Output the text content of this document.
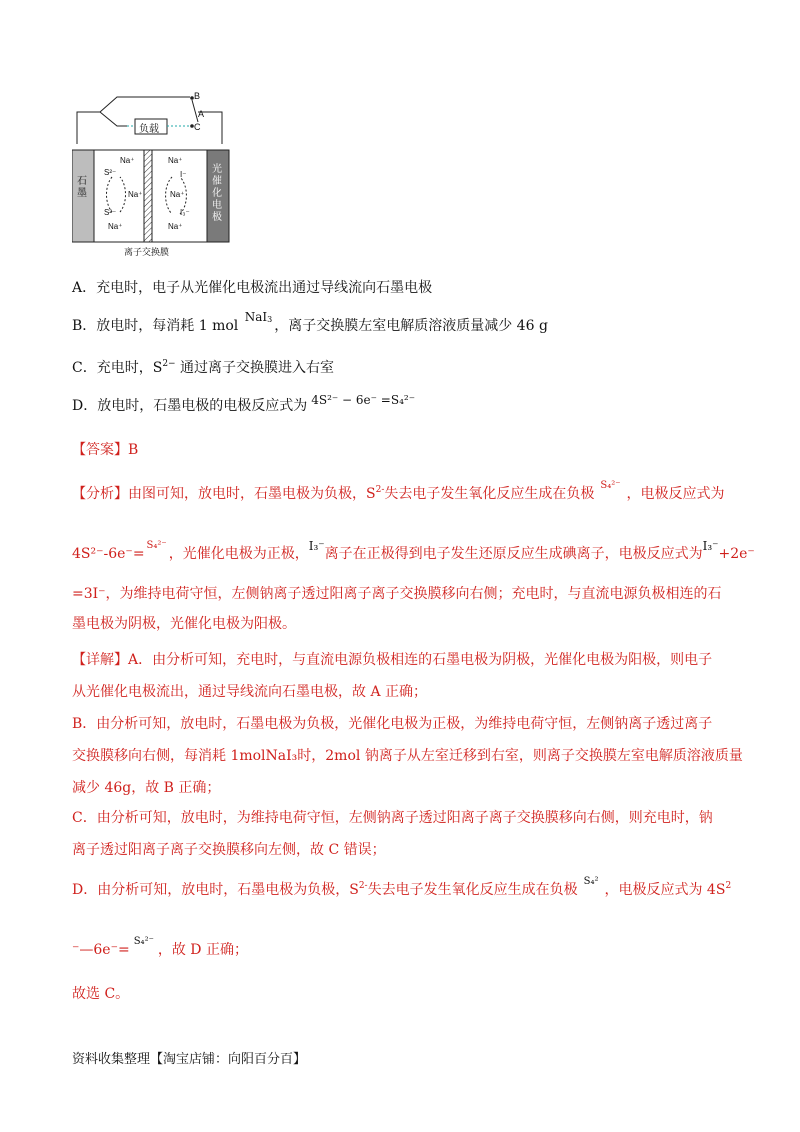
B
A
C
负载
石墨
光催化电极
Na⁺
S²⁻
S²⁻
Na⁺
Na⁺
Na⁺
I⁻
Na⁺
I₃⁻
Na⁺
离子交换膜
A．充电时，电子从光催化电极流出通过导线流向石墨电极
B．放电时，每消耗 1 mol NaI$_3$ ，离子交换膜左室电解质溶液质量减少 46 g
C．充电时，$S^{2-}$ 通过离子交换膜进入右室
D．放电时，石墨电极的电极反应式为 4S²⁻ − 6e⁻ =S₄²⁻
【答案】B
【分析】由图可知，放电时，石墨电极为负极，$S^{2-}$失去电子发生氧化反应生成在负极$^{S_4^{2-}}$，电极反应式为
4S²⁻-6e⁻=$^{S_4^{2-}}$，光催化电极为正极，I₃⁻离子在正极得到电子发生还原反应生成碘离子，电极反应式为I₃⁻+2e⁻
=3I⁻，为维持电荷守恒，左侧钠离子透过阳离子离子交换膜移向右侧；充电时，与直流电源负极相连的石
墨电极为阴极，光催化电极为阳极。
【详解】A．由分析可知，充电时，与直流电源负极相连的石墨电极为阴极，光催化电极为阳极，则电子
从光催化电极流出，通过导线流向石墨电极，故 A 正确；
B．由分析可知，放电时，石墨电极为负极，光催化电极为正极，为维持电荷守恒，左侧钠离子透过离子
交换膜移向右侧，每消耗 1molNaI₃时，2mol 钠离子从左室迁移到右室，则离子交换膜左室电解质溶液质量
减少 46g，故 B 正确；
C．由分析可知，放电时，为维持电荷守恒，左侧钠离子透过阳离子离子交换膜移向右侧，则充电时，钠
离子透过阳离子离子交换膜移向左侧，故 C 错误；
D．由分析可知，放电时，石墨电极为负极，$S^{2-}$失去电子发生氧化反应生成在负极$^{S_4^2}$，电极反应式为 $4S^2$
⁻—6e⁻=$^{S_4^{2-}}$，故 D 正确；
故选 C。
资料收集整理【淘宝店铺：向阳百分百】
